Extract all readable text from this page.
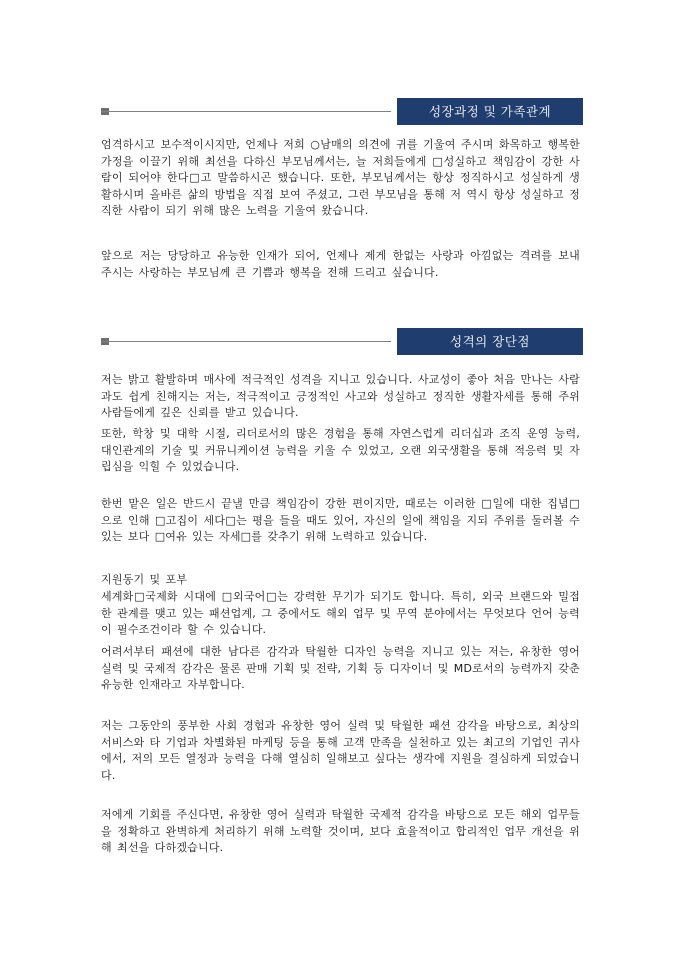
성장과정 및 가족관계

엄격하시고 보수적이시지만, 언제나 저희 ○남매의 의견에 귀를 기울여 주시며 화목하고 행복한 가정을 이끌기 위해 최선을 다하신 부모님께서는, 늘 저희들에게 □성실하고 책임감이 강한 사람이 되어야 한다□고 말씀하시곤 했습니다. 또한, 부모님께서는 항상 정직하시고 성실하게 생활하시며 올바른 삶의 방법을 직접 보여 주셨고, 그런 부모님을 통해 저 역시 항상 성실하고 정직한 사람이 되기 위해 많은 노력을 기울여 왔습니다.

앞으로 저는 당당하고 유능한 인재가 되어, 언제나 제게 한없는 사랑과 아낌없는 격려를 보내 주시는 사랑하는 부모님께 큰 기쁨과 행복을 전해 드리고 싶습니다.

성격의 장단점

저는 밝고 활발하며 매사에 적극적인 성격을 지니고 있습니다. 사교성이 좋아 처음 만나는 사람과도 쉽게 친해지는 저는, 적극적이고 긍정적인 사고와 성실하고 정직한 생활자세를 통해 주위 사람들에게 깊은 신뢰를 받고 있습니다.

또한, 학창 및 대학 시절, 리더로서의 많은 경험을 통해 자연스럽게 리더십과 조직 운영 능력, 대인관계의 기술 및 커뮤니케이션 능력을 키울 수 있었고, 오랜 외국생활을 통해 적응력 및 자립심을 익힐 수 있었습니다.

한번 맡은 일은 반드시 끝낼 만큼 책임감이 강한 편이지만, 때로는 이러한 □일에 대한 집념□으로 인해 □고집이 세다□는 평을 들을 때도 있어, 자신의 일에 책임을 지되 주위를 둘러볼 수 있는 보다 □여유 있는 자세□를 갖추기 위해 노력하고 있습니다.

지원동기 및 포부

세계화□국제화 시대에 □외국어□는 강력한 무기가 되기도 합니다. 특히, 외국 브랜드와 밀접한 관계를 맺고 있는 패션업계, 그 중에서도 해외 업무 및 무역 분야에서는 무엇보다 언어 능력이 필수조건이라 할 수 있습니다.

어려서부터 패션에 대한 남다른 감각과 탁월한 디자인 능력을 지니고 있는 저는, 유창한 영어 실력 및 국제적 감각은 물론 판매 기획 및 전략, 기획 등 디자이너 및 MD로서의 능력까지 갖춘 유능한 인재라고 자부합니다.

저는 그동안의 풍부한 사회 경험과 유창한 영어 실력 및 탁월한 패션 감각을 바탕으로, 최상의 서비스와 타 기업과 차별화된 마케팅 등을 통해 고객 만족을 실천하고 있는 최고의 기업인 귀사에서, 저의 모든 열정과 능력을 다해 열심히 일해보고 싶다는 생각에 지원을 결심하게 되었습니다.

저에게 기회를 주신다면, 유창한 영어 실력과 탁월한 국제적 감각을 바탕으로 모든 해외 업무들을 정확하고 완벽하게 처리하기 위해 노력할 것이며, 보다 효율적이고 합리적인 업무 개선을 위해 최선을 다하겠습니다.
